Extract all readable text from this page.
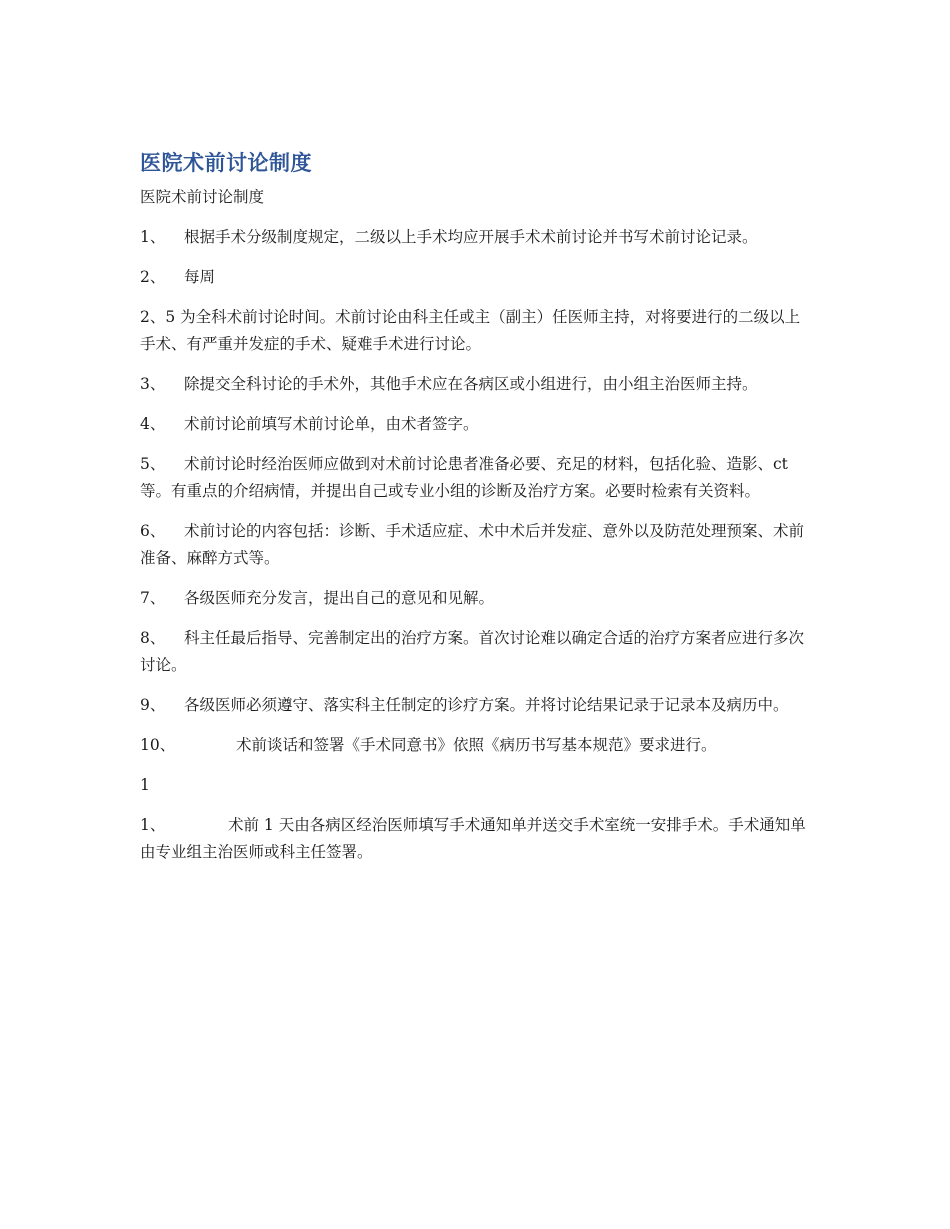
医院术前讨论制度
医院术前讨论制度

1、 根据手术分级制度规定，二级以上手术均应开展手术术前讨论并书写术前讨论记录。

2、 每周

2、5 为全科术前讨论时间。术前讨论由科主任或主（副主）任医师主持，对将要进行的二级以上手术、有严重并发症的手术、疑难手术进行讨论。

3、 除提交全科讨论的手术外，其他手术应在各病区或小组进行，由小组主治医师主持。

4、 术前讨论前填写术前讨论单，由术者签字。

5、 术前讨论时经治医师应做到对术前讨论患者准备必要、充足的材料，包括化验、造影、ct 等。有重点的介绍病情，并提出自己或专业小组的诊断及治疗方案。必要时检索有关资料。

6、 术前讨论的内容包括：诊断、手术适应症、术中术后并发症、意外以及防范处理预案、术前准备、麻醉方式等。

7、 各级医师充分发言，提出自己的意见和见解。

8、 科主任最后指导、完善制定出的治疗方案。首次讨论难以确定合适的治疗方案者应进行多次讨论。

9、 各级医师必须遵守、落实科主任制定的诊疗方案。并将讨论结果记录于记录本及病历中。

10、	术前谈话和签署《手术同意书》依照《病历书写基本规范》要求进行。

1

1、	术前 1 天由各病区经治医师填写手术通知单并送交手术室统一安排手术。手术通知单由专业组主治医师或科主任签署。
